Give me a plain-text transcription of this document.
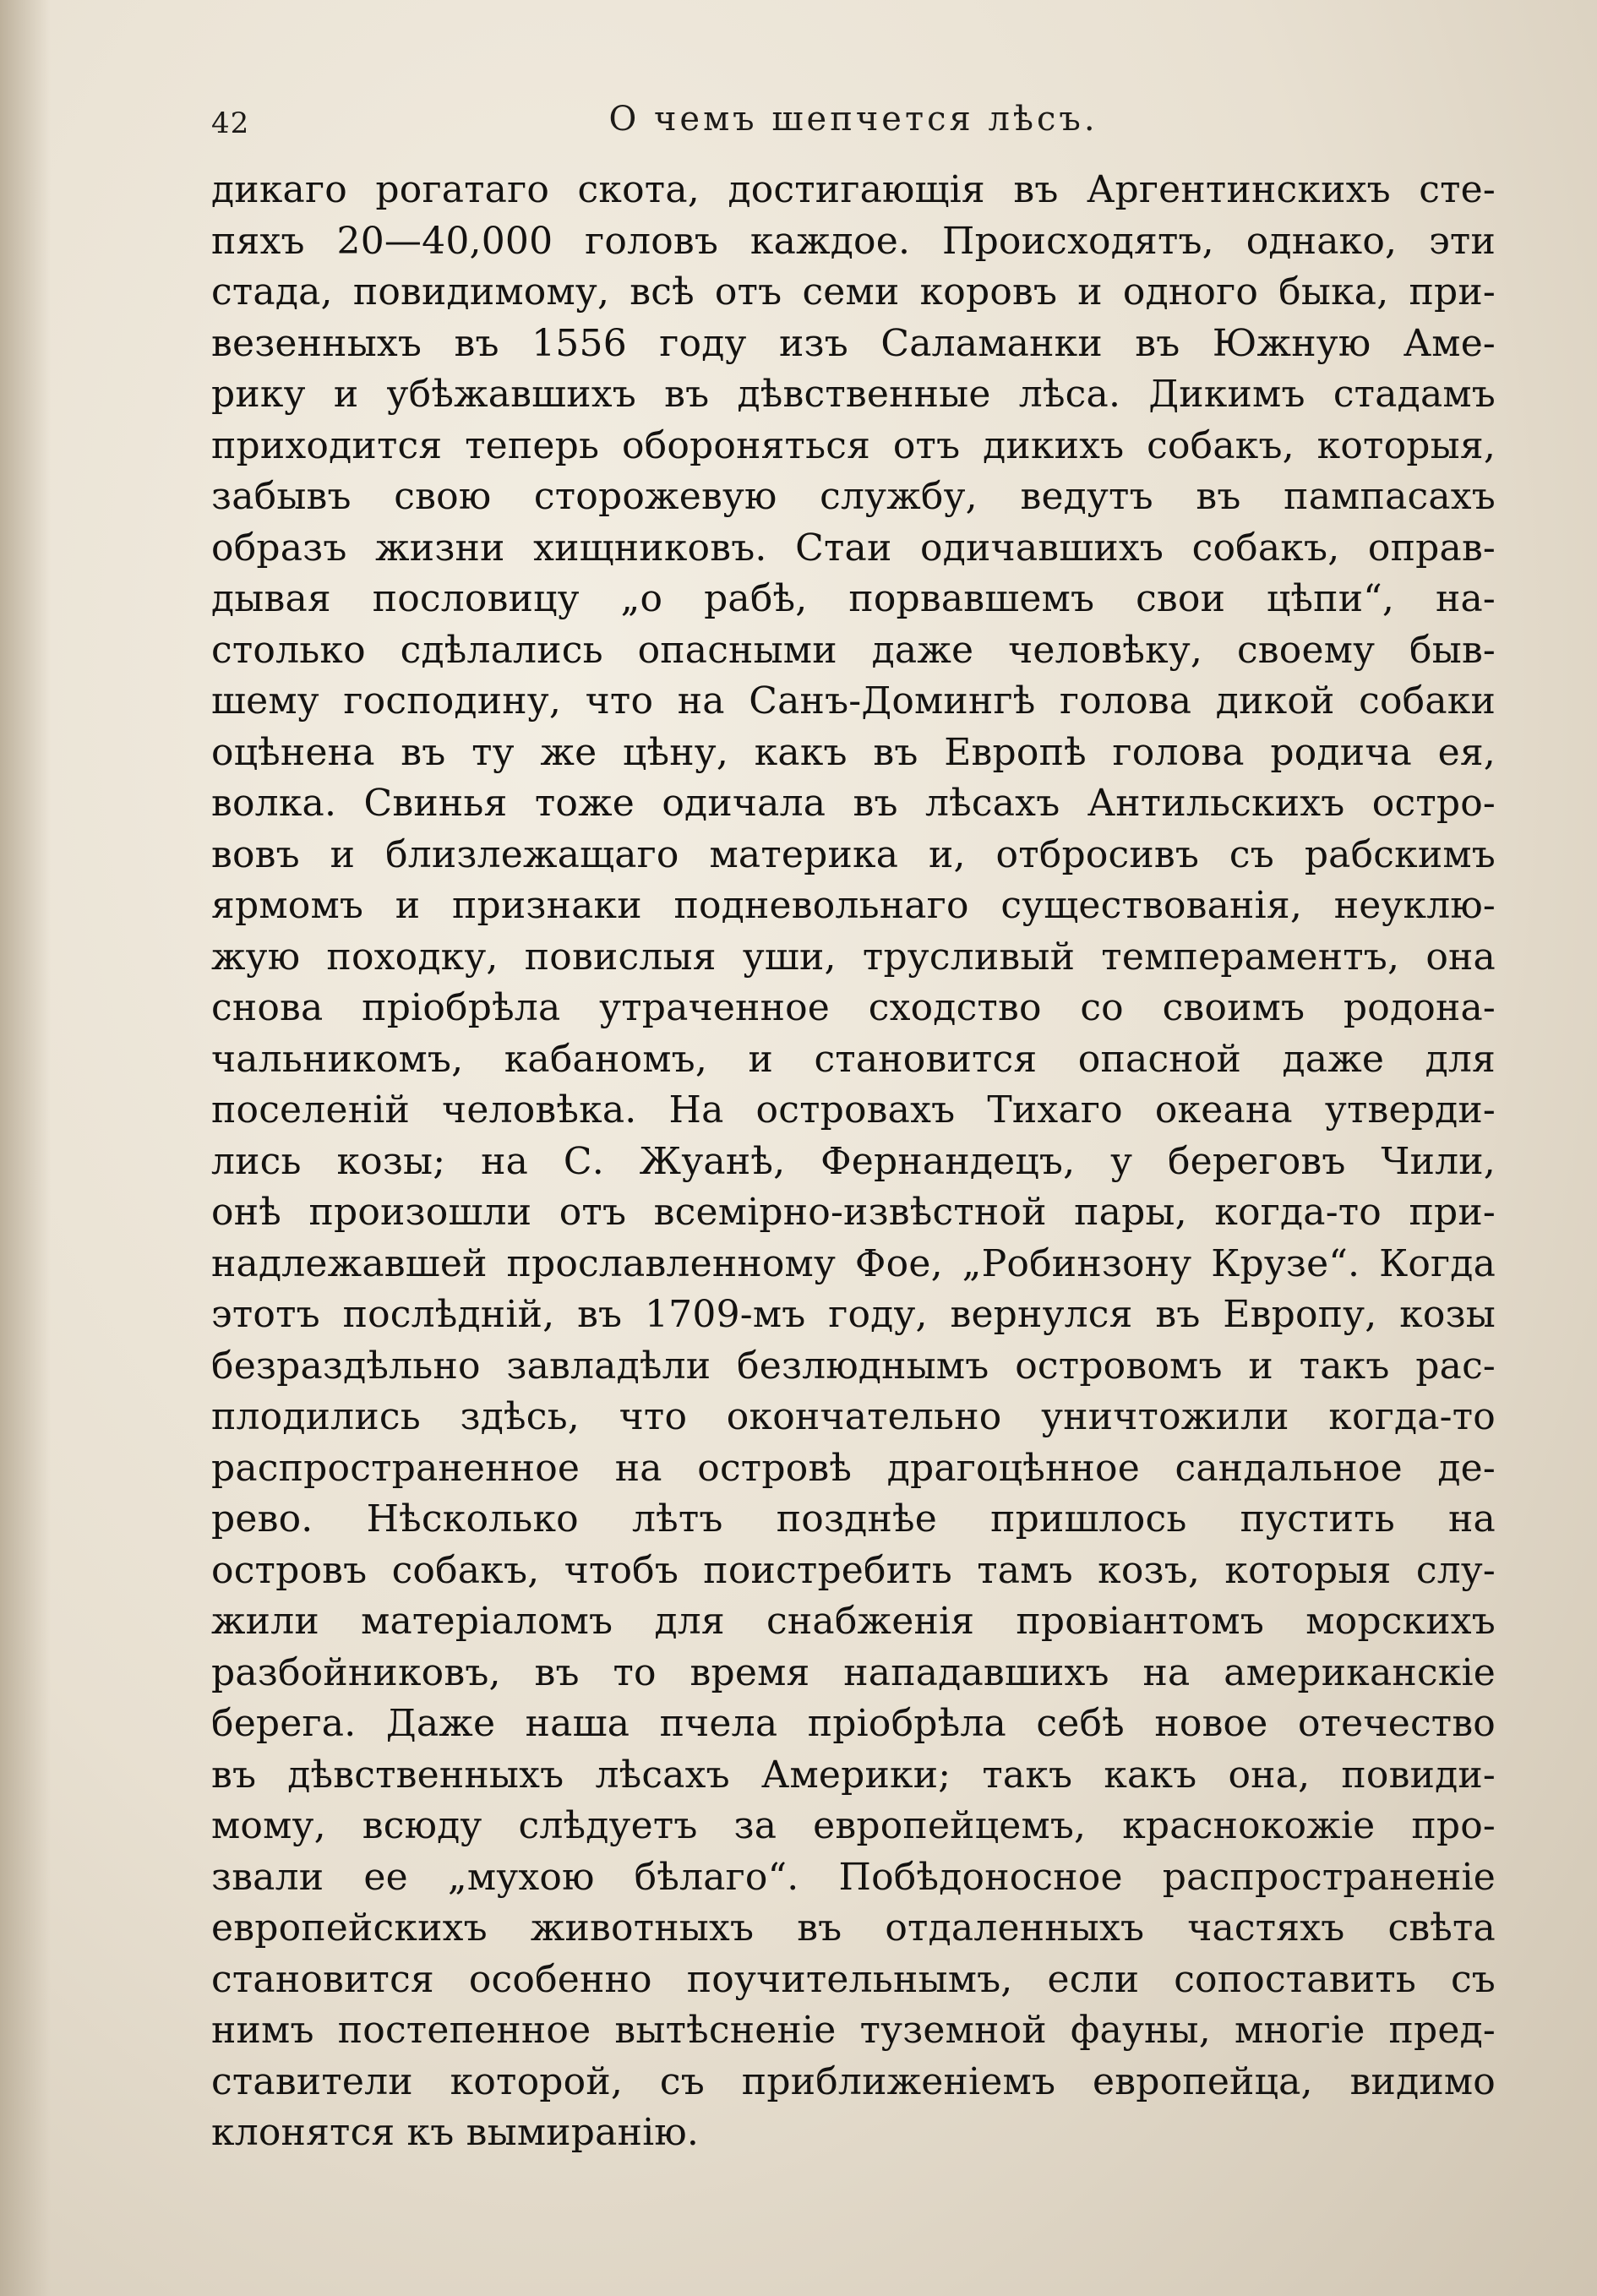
42	О чемъ шепчется лѣсъ.
дикаго рогатаго скота, достигающія въ Аргентинскихъ сте-
пяхъ 20—40,000 головъ каждое. Происходятъ, однако, эти
стада, повидимому, всѣ отъ семи коровъ и одного быка, при-
везенныхъ въ 1556 году изъ Саламанки въ Южную Аме-
рику и убѣжавшихъ въ дѣвственные лѣса. Дикимъ стадамъ
приходится теперь обороняться отъ дикихъ собакъ, которыя,
забывъ свою сторожевую службу, ведутъ въ пампасахъ
образъ жизни хищниковъ. Стаи одичавшихъ собакъ, оправ-
дывая пословицу „о рабѣ, порвавшемъ свои цѣпи“, на-
столько сдѣлались опасными даже человѣку, своему быв-
шему господину, что на Санъ-Домингѣ голова дикой собаки
оцѣнена въ ту же цѣну, какъ въ Европѣ голова родича ея,
волка. Свинья тоже одичала въ лѣсахъ Антильскихъ остро-
вовъ и близлежащаго материка и, отбросивъ съ рабскимъ
ярмомъ и признаки подневольнаго существованія, неуклю-
жую походку, повислыя уши, трусливый темпераментъ, она
снова пріобрѣла утраченное сходство со своимъ родона-
чальникомъ, кабаномъ, и становится опасной даже для
поселеній человѣка. На островахъ Тихаго океана утверди-
лись козы; на С. Жуанѣ, Фернандецъ, у береговъ Чили,
онѣ произошли отъ всемірно-извѣстной пары, когда-то при-
надлежавшей прославленному Фое, „Робинзону Крузе“. Когда
этотъ послѣдній, въ 1709-мъ году, вернулся въ Европу, козы
безраздѣльно завладѣли безлюднымъ островомъ и такъ рас-
плодились здѣсь, что окончательно уничтожили когда-то
распространенное на островѣ драгоцѣнное сандальное де-
рево. Нѣсколько лѣтъ позднѣе пришлось пустить на
островъ собакъ, чтобъ поистребить тамъ козъ, которыя слу-
жили матеріаломъ для снабженія провіантомъ морскихъ
разбойниковъ, въ то время нападавшихъ на американскіе
берега. Даже наша пчела пріобрѣла себѣ новое отечество
въ дѣвственныхъ лѣсахъ Америки; такъ какъ она, повиди-
мому, всюду слѣдуетъ за европейцемъ, краснокожіе про-
звали ее „мухою бѣлаго“. Побѣдоносное распространеніе
европейскихъ животныхъ въ отдаленныхъ частяхъ свѣта
становится особенно поучительнымъ, если сопоставить съ
нимъ постепенное вытѣсненіе туземной фауны, многіе пред-
ставители которой, съ приближеніемъ европейца, видимо
клонятся къ вымиранію.
